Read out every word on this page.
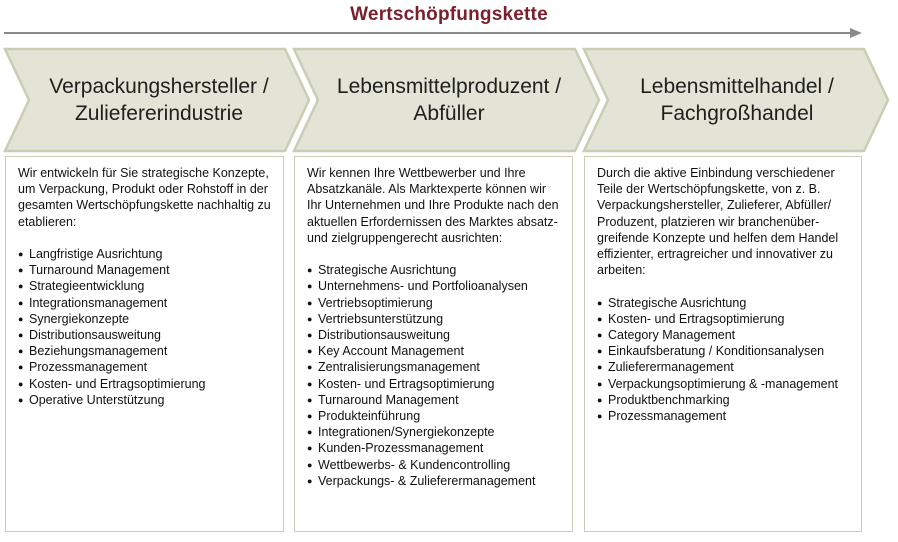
Wertschöpfungskette
Verpackungshersteller /
Zuliefererindustrie
Lebensmittelproduzent /
Abfüller
Lebensmittelhandel /
Fachgroßhandel

Wir entwickeln für Sie strategische Konzepte,
um Verpackung, Produkt oder Rohstoff in der
gesamten Wertschöpfungskette nachhaltig zu
etablieren:

● Langfristige Ausrichtung
● Turnaround Management
● Strategieentwicklung
● Integrationsmanagement
● Synergiekonzepte
● Distributionsausweitung
● Beziehungsmanagement
● Prozessmanagement
● Kosten- und Ertragsoptimierung
● Operative Unterstützung

Wir kennen Ihre Wettbewerber und Ihre
Absatzkanäle. Als Marktexperte können wir
Ihr Unternehmen und Ihre Produkte nach den
aktuellen Erfordernissen des Marktes absatz-
und zielgruppengerecht ausrichten:

● Strategische Ausrichtung
● Unternehmens- und Portfolioanalysen
● Vertriebsoptimierung
● Vertriebsunterstützung
● Distributionsausweitung
● Key Account Management
● Zentralisierungsmanagement
● Kosten- und Ertragsoptimierung
● Turnaround Management
● Produkteinführung
● Integrationen/Synergiekonzepte
● Kunden-Prozessmanagement
● Wettbewerbs- & Kundencontrolling
● Verpackungs- & Zulieferermanagement

Durch die aktive Einbindung verschiedener
Teile der Wertschöpfungskette, von z. B.
Verpackungshersteller, Zulieferer, Abfüller/
Produzent, platzieren wir branchenüber-
greifende Konzepte und helfen dem Handel
effizienter, ertragreicher und innovativer zu
arbeiten:

● Strategische Ausrichtung
● Kosten- und Ertragsoptimierung
● Category Management
● Einkaufsberatung / Konditionsanalysen
● Zulieferermanagement
● Verpackungsoptimierung & -management
● Produktbenchmarking
● Prozessmanagement
